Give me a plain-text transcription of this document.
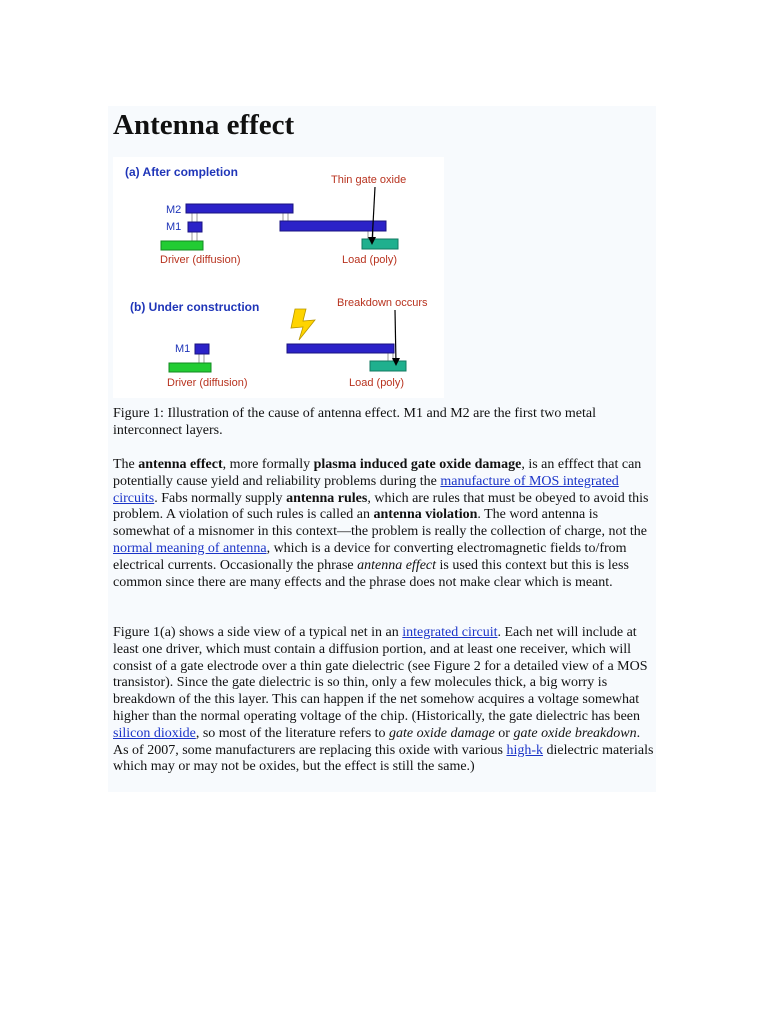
Antenna effect
(a) After completion
Thin gate oxide
M2
M1
Driver (diffusion)	Load (poly)
(b) Under construction	Breakdown occurs
M1
Driver (diffusion)	Load (poly)

Figure 1: Illustration of the cause of antenna effect. M1 and M2 are the first two metal interconnect layers.

The antenna effect, more formally plasma induced gate oxide damage, is an efffect that can potentially cause yield and reliability problems during the manufacture of MOS integrated circuits. Fabs normally supply antenna rules, which are rules that must be obeyed to avoid this problem. A violation of such rules is called an antenna violation. The word antenna is somewhat of a misnomer in this context—the problem is really the collection of charge, not the normal meaning of antenna, which is a device for converting electromagnetic fields to/from electrical currents. Occasionally the phrase antenna effect is used this context but this is less common since there are many effects and the phrase does not make clear which is meant.

Figure 1(a) shows a side view of a typical net in an integrated circuit. Each net will include at least one driver, which must contain a diffusion portion, and at least one receiver, which will consist of a gate electrode over a thin gate dielectric (see Figure 2 for a detailed view of a MOS transistor). Since the gate dielectric is so thin, only a few molecules thick, a big worry is breakdown of the this layer. This can happen if the net somehow acquires a voltage somewhat higher than the normal operating voltage of the chip. (Historically, the gate dielectric has been silicon dioxide, so most of the literature refers to gate oxide damage or gate oxide breakdown. As of 2007, some manufacturers are replacing this oxide with various high-k dielectric materials which may or may not be oxides, but the effect is still the same.)
